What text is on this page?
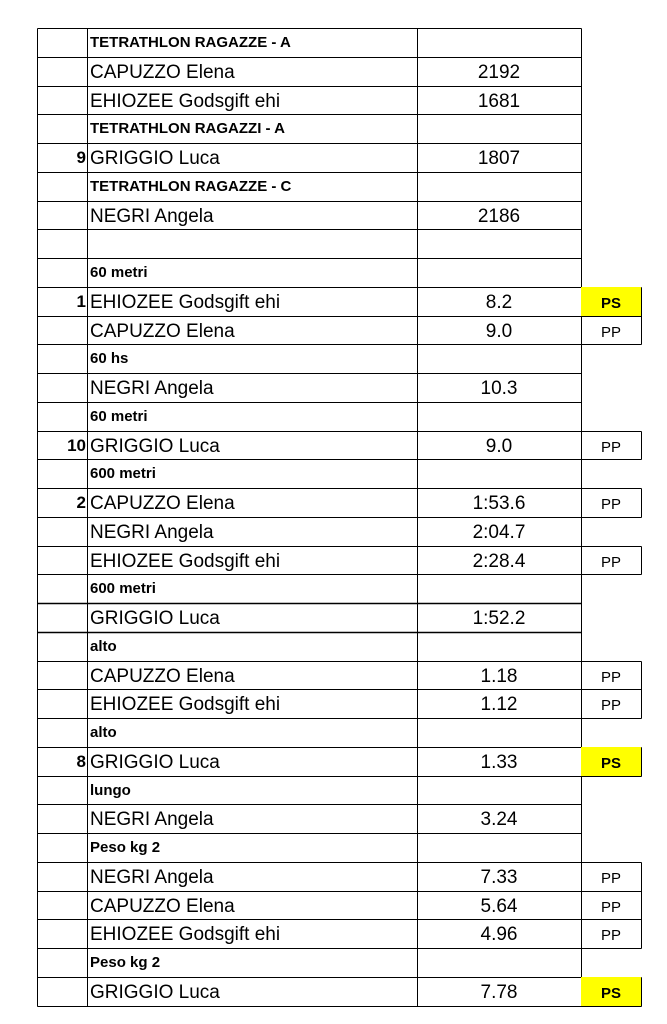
TETRATHLON RAGAZZE - A
CAPUZZO Elena	2192
EHIOZEE Godsgift ehi	1681
TETRATHLON RAGAZZI - A
9 GRIGGIO Luca	1807
TETRATHLON RAGAZZE - C
NEGRI Angela	2186
60 metri
1 EHIOZEE Godsgift ehi	8.2	PS
CAPUZZO Elena	9.0	PP
60 hs
NEGRI Angela	10.3
60 metri
10 GRIGGIO Luca	9.0	PP
600 metri
2 CAPUZZO Elena	1:53.6	PP
NEGRI Angela	2:04.7
EHIOZEE Godsgift ehi	2:28.4	PP
600 metri
GRIGGIO Luca	1:52.2
alto
CAPUZZO Elena	1.18	PP
EHIOZEE Godsgift ehi	1.12	PP
alto
8 GRIGGIO Luca	1.33	PS
lungo
NEGRI Angela	3.24
Peso kg 2
NEGRI Angela	7.33	PP
CAPUZZO Elena	5.64	PP
EHIOZEE Godsgift ehi	4.96	PP
Peso kg 2
GRIGGIO Luca	7.78	PS
